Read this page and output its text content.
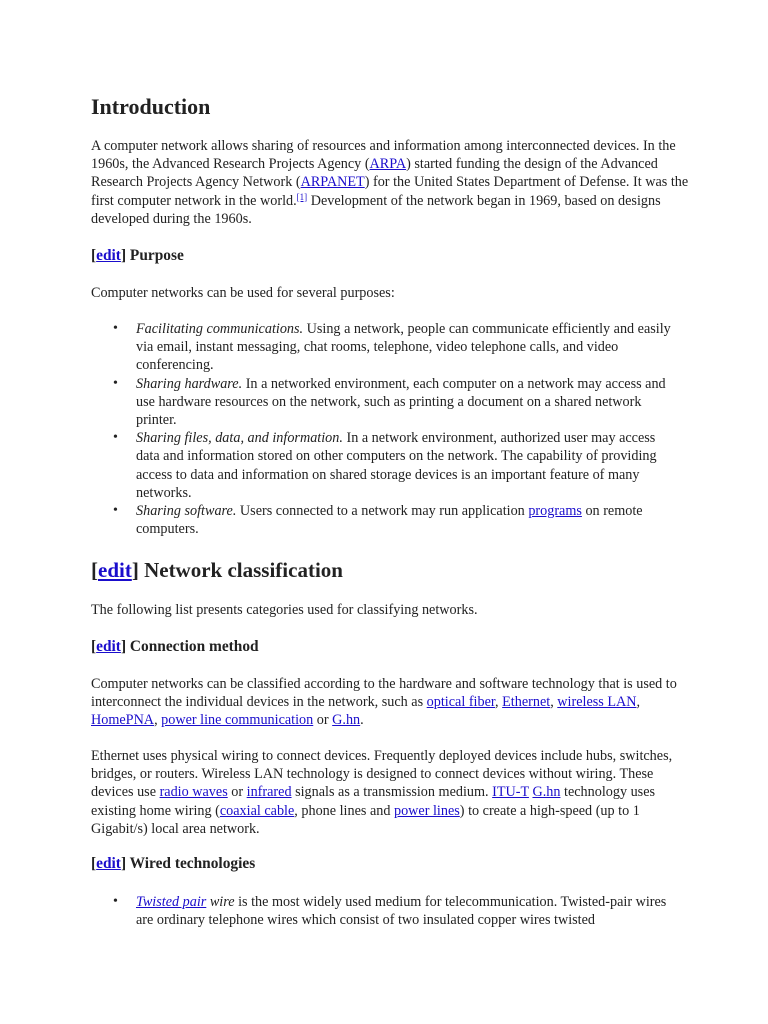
Introduction

A computer network allows sharing of resources and information among interconnected devices. In the 1960s, the Advanced Research Projects Agency (ARPA) started funding the design of the Advanced Research Projects Agency Network (ARPANET) for the United States Department of Defense. It was the first computer network in the world.[1] Development of the network began in 1969, based on designs developed during the 1960s.

[edit] Purpose

Computer networks can be used for several purposes:

• Facilitating communications. Using a network, people can communicate efficiently and easily via email, instant messaging, chat rooms, telephone, video telephone calls, and video conferencing.
• Sharing hardware. In a networked environment, each computer on a network may access and use hardware resources on the network, such as printing a document on a shared network printer.
• Sharing files, data, and information. In a network environment, authorized user may access data and information stored on other computers on the network. The capability of providing access to data and information on shared storage devices is an important feature of many networks.
• Sharing software. Users connected to a network may run application programs on remote computers.
[edit] Network classification

The following list presents categories used for classifying networks.

[edit] Connection method

Computer networks can be classified according to the hardware and software technology that is used to interconnect the individual devices in the network, such as optical fiber, Ethernet, wireless LAN, HomePNA, power line communication or G.hn.

Ethernet uses physical wiring to connect devices. Frequently deployed devices include hubs, switches, bridges, or routers. Wireless LAN technology is designed to connect devices without wiring. These devices use radio waves or infrared signals as a transmission medium. ITU-T G.hn technology uses existing home wiring (coaxial cable, phone lines and power lines) to create a high-speed (up to 1 Gigabit/s) local area network.

[edit] Wired technologies
• Twisted pair wire is the most widely used medium for telecommunication. Twisted-pair wires are ordinary telephone wires which consist of two insulated copper wires twisted
